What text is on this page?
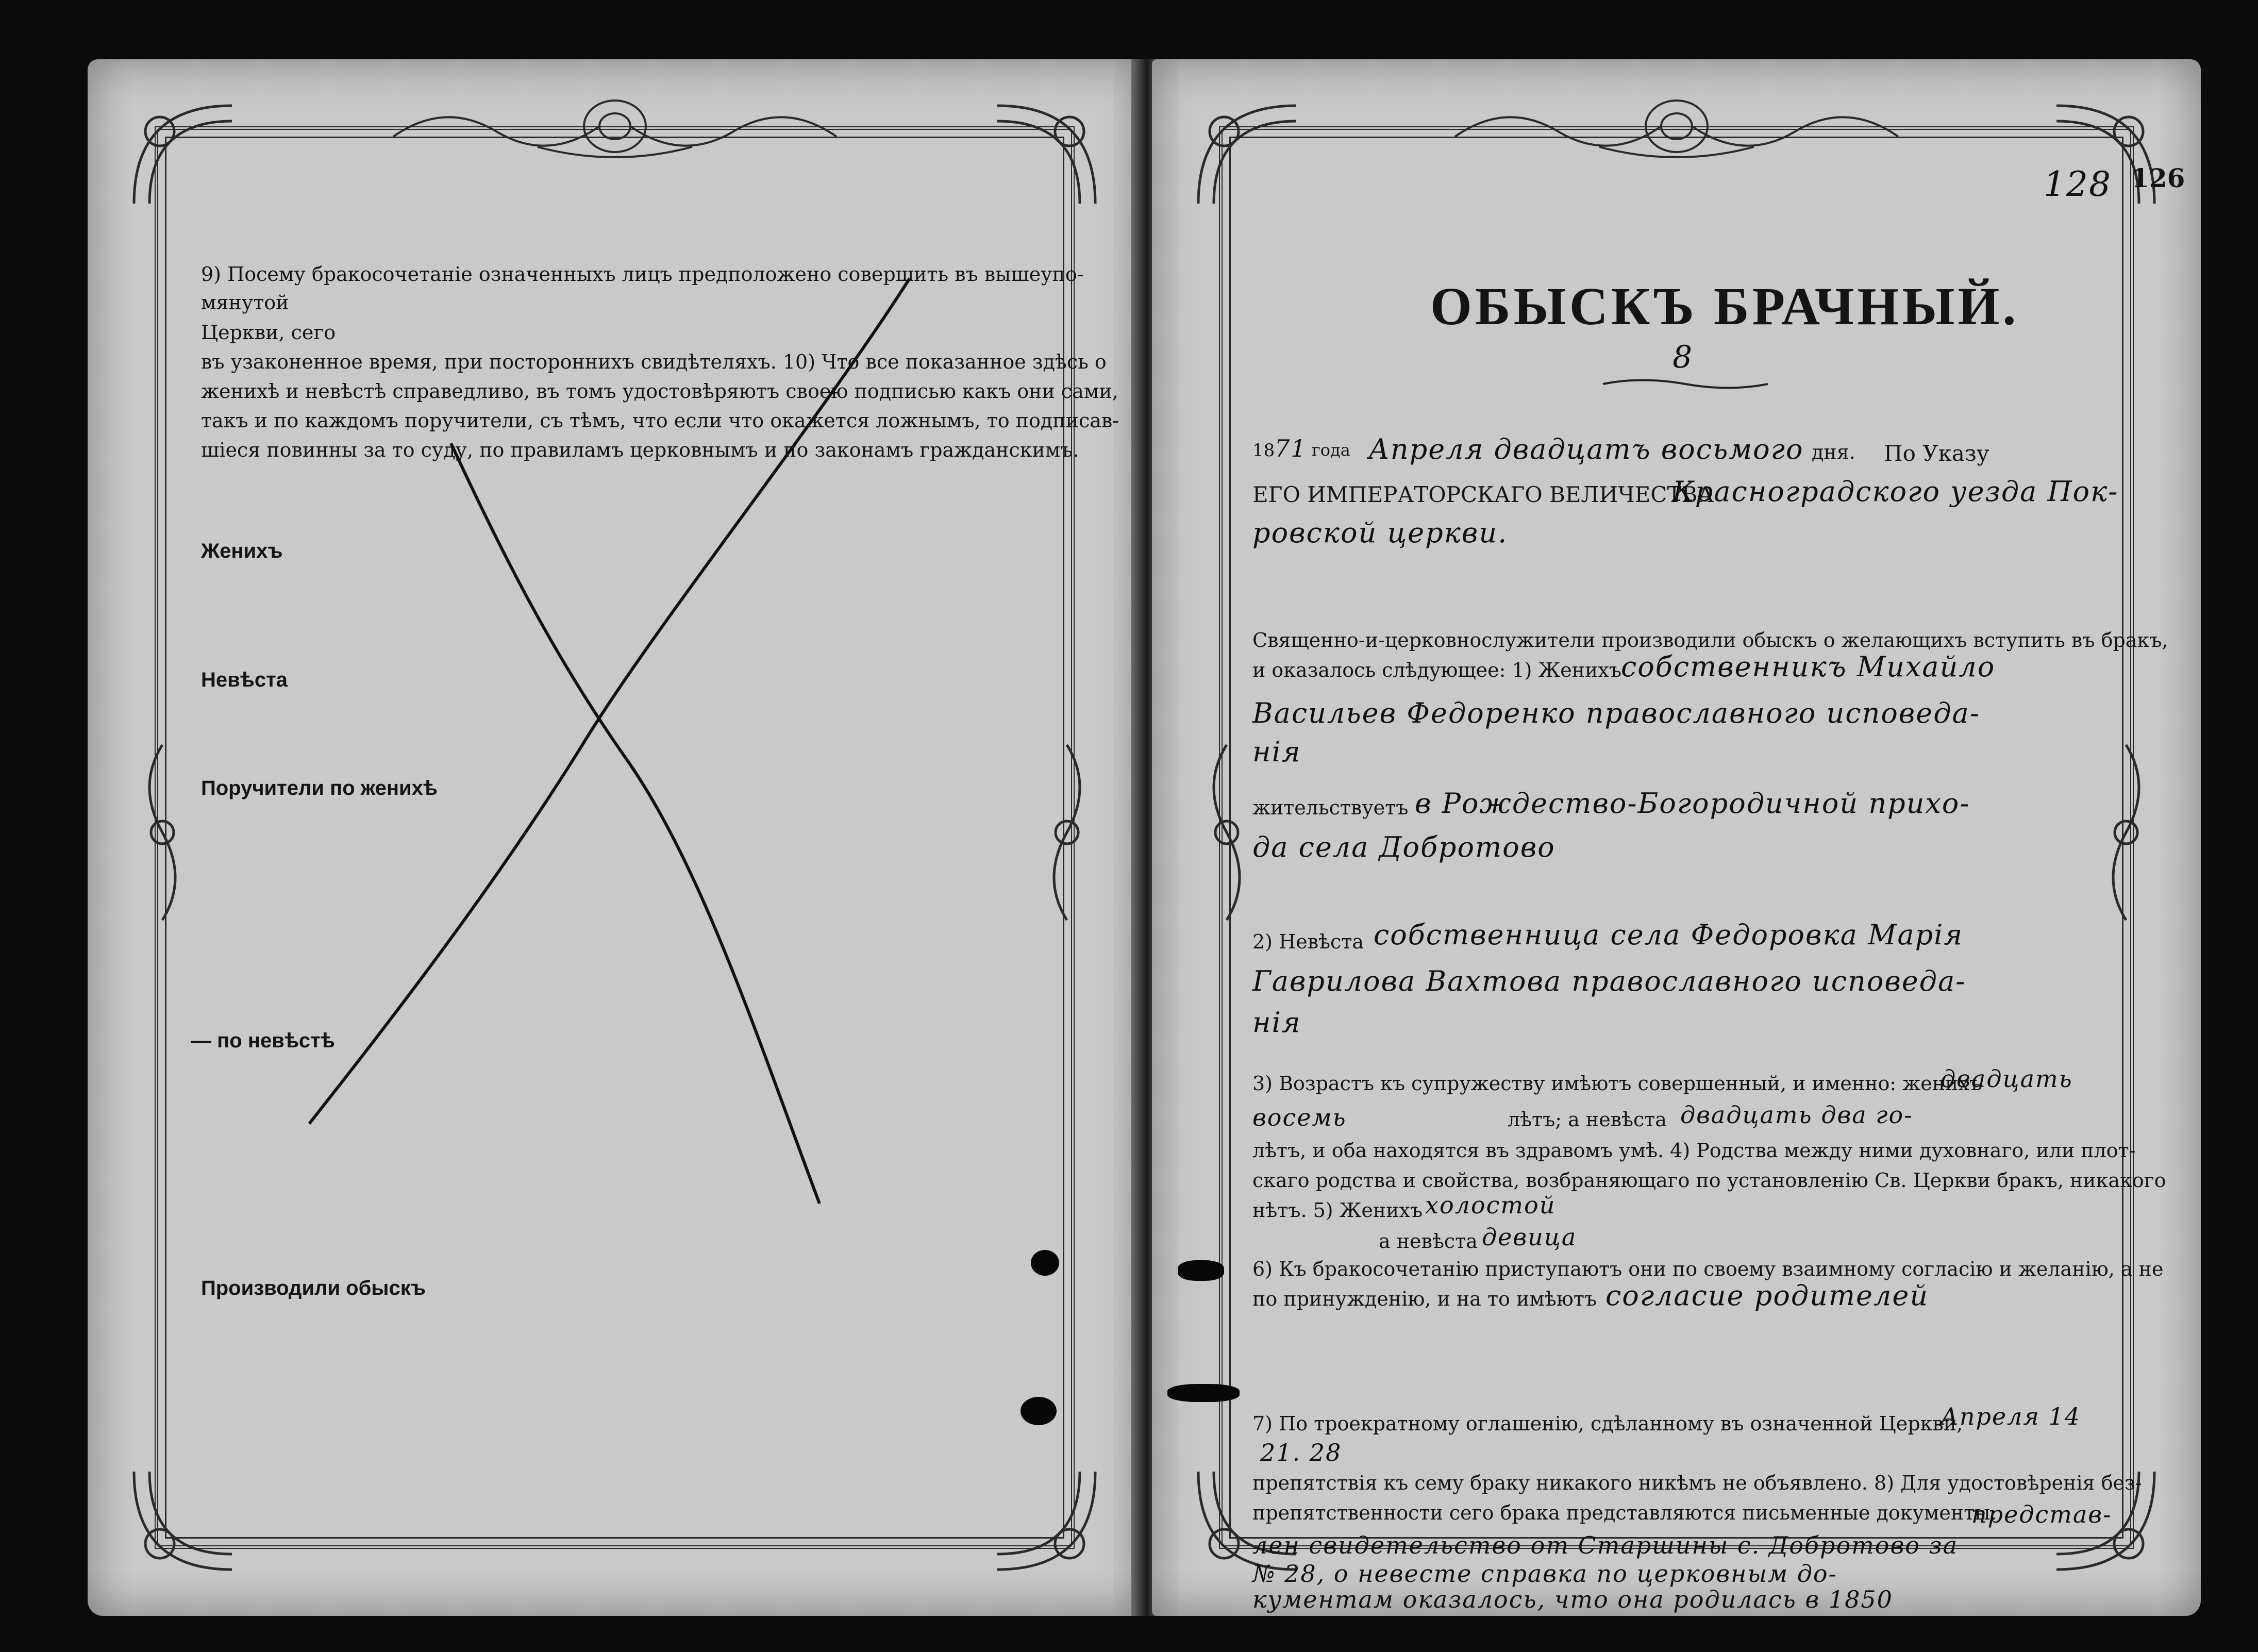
9) Посему бракосочетаніе означенныхъ лицъ предположено совершить въ вышеупо-
мянутой
Церкви, сего
въ узаконенное время, при постороннихъ свидѣтеляхъ. 10) Что все показанное здѣсь о
женихѣ и невѣстѣ справедливо, въ томъ удостовѣряютъ своею подписью какъ они сами,
такъ и по каждомъ поручители, съ тѣмъ, что если что окажется ложнымъ, то подписав-
шіеся повинны за то суду, по правиламъ церковнымъ и по законамъ гражданскимъ.
Женихъ
Невѣста
Поручители по женихѣ
— по невѣстѣ
Производили обыскъ
128 126
ОБЫСКЪ БРАЧНЫЙ.
8
18 71 года Апреля двадцатъ восьмого дня. По Указу
ЕГО ИМПЕРАТОРСКАГО ВЕЛИЧЕСТВА
Красноградского уезда Пок-
ровской церкви.
Священно-и-церковнослужители производили обыскъ о желающихъ вступить въ бракъ,
и оказалось слѣдующее: 1) Женихъ
собственникъ Михайло
Васильев Федоренко православного исповеда-
нія
жительствуетъ в Рождество-Богородичной прихо-
да села Добротово
2) Невѣста собственница села Федоровка Марія
Гаврилова Вахтова православного исповеда-
нія
3) Возрастъ къ супружеству имѣютъ совершенный, и именно: женихъ
двадцать
восемь	лѣтъ; а невѣста двадцать два го-
лѣтъ, и оба находятся въ здравомъ умѣ. 4) Родства между ними духовнаго, или плот-
скаго родства и свойства, возбраняющаго по установленію Св. Церкви бракъ, никакого
нѣтъ. 5) Женихъ холостой
а невѣста девица
6) Къ бракосочетанію приступаютъ они по своему взаимному согласію и желанію, а не
по принужденію, и на то имѣютъ согласие родителей
7) По троекратному оглашенію, сдѣланному въ означенной Церкви,
Апреля 14
21. 28
препятствія къ сему браку никакого никѣмъ не объявлено. 8) Для удостовѣренія без-
препятственности сего брака представляются письменные документы:
представ-
лен свидетельство от Старшины с. Добротово за
№ 28, о невесте справка по церковным до-
кументам оказалось, что она родилась в 1850
